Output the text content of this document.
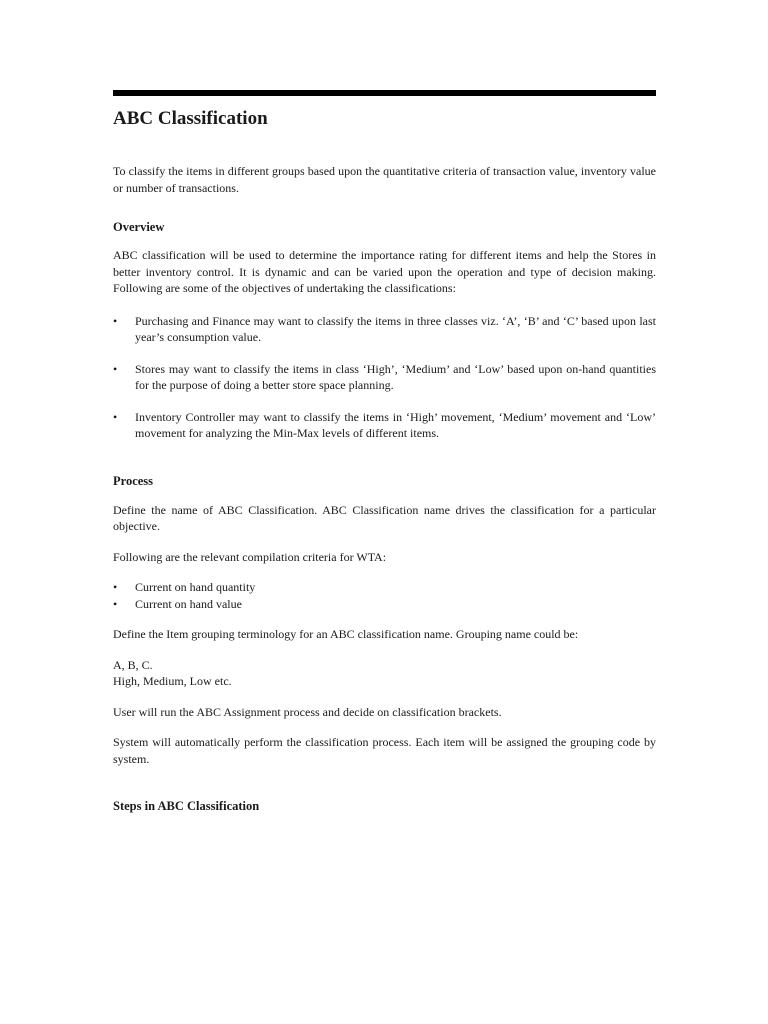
ABC Classification

To classify the items in different groups based upon the quantitative criteria of transaction value, inventory value or number of transactions.

Overview

ABC classification will be used to determine the importance rating for different items and help the Stores in better inventory control. It is dynamic and can be varied upon the operation and type of decision making. Following are some of the objectives of undertaking the classifications:

• Purchasing and Finance may want to classify the items in three classes viz. ‘A’, ‘B’ and ‘C’ based upon last year’s consumption value.
• Stores may want to classify the items in class ‘High’, ‘Medium’ and ‘Low’ based upon on-hand quantities for the purpose of doing a better store space planning.
• Inventory Controller may want to classify the items in ‘High’ movement, ‘Medium’ movement and ‘Low’ movement for analyzing the Min-Max levels of different items.
Process

Define the name of ABC Classification. ABC Classification name drives the classification for a particular objective.

Following are the relevant compilation criteria for WTA:

• Current on hand quantity
• Current on hand value

Define the Item grouping terminology for an ABC classification name. Grouping name could be:

A, B, C.

High, Medium, Low etc.

User will run the ABC Assignment process and decide on classification brackets.

System will automatically perform the classification process. Each item will be assigned the grouping code by system.

Steps in ABC Classification
